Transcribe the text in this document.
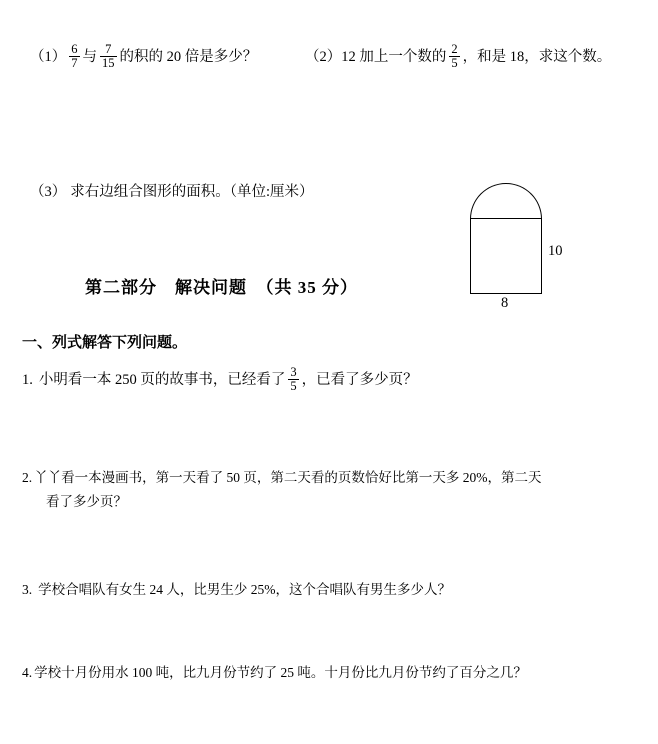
$(1) \frac{6}{7}$ 与 $\frac{7}{15}$ 的积的 20 倍是多少？	（2） 12 加上一个数的 $\frac{2}{5}$ ，和是 18，求这个数。
（3） 求右边组合图形的面积。（单位:厘米）
10
8
第二部分　解决问题　（共 35 分）
一、列式解答下列问题。
1. 小明看一本 250 页的故事书，已经看了 $\frac{3}{5}$ ，已看了多少页？
2. 丫丫看一本漫画书，第一天看了 50 页，第二天看的页数恰好比第一天多 20%，第二天
看了多少页？
3. 学校合唱队有女生 24 人，比男生少 25%，这个合唱队有男生多少人？
4. 学校十月份用水 100 吨，比九月份节约了 25 吨。十月份比九月份节约了百分之几？
